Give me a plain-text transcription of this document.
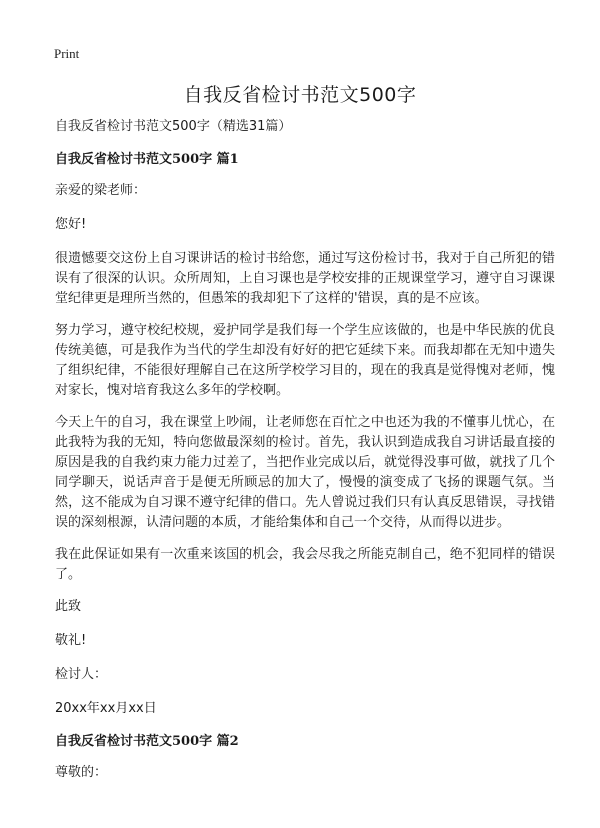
Print
自我反省检讨书范文500字

自我反省检讨书范文500字（精选31篇）

自我反省检讨书范文500字 篇1

亲爱的梁老师：

您好!

很遗憾要交这份上自习课讲话的检讨书给您，通过写这份检讨书，我对于自己所犯的错误有了很深的认识。众所周知，上自习课也是学校安排的正规课堂学习，遵守自习课课堂纪律更是理所当然的，但愚笨的我却犯下了这样的'错误，真的是不应该。

努力学习，遵守校纪校规，爱护同学是我们每一个学生应该做的，也是中华民族的优良传统美德，可是我作为当代的学生却没有好好的把它延续下来。而我却都在无知中遗失了组织纪律，不能很好理解自己在这所学校学习目的，现在的我真是觉得愧对老师，愧对家长，愧对培育我这么多年的学校啊。

今天上午的自习，我在课堂上吵闹，让老师您在百忙之中也还为我的不懂事儿忧心，在此我特为我的无知，特向您做最深刻的检讨。首先，我认识到造成我自习讲话最直接的原因是我的自我约束力能力过差了，当把作业完成以后，就觉得没事可做，就找了几个同学聊天，说话声音于是便无所顾忌的加大了，慢慢的演变成了飞扬的课题气氛。当然，这不能成为自习课不遵守纪律的借口。先人曾说过我们只有认真反思错误，寻找错误的深刻根源，认清问题的本质，才能给集体和自己一个交待，从而得以进步。

我在此保证如果有一次重来该国的机会，我会尽我之所能克制自己，绝不犯同样的错误了。

此致

敬礼!

检讨人：

20xx年xx月xx日

自我反省检讨书范文500字 篇2

尊敬的：
